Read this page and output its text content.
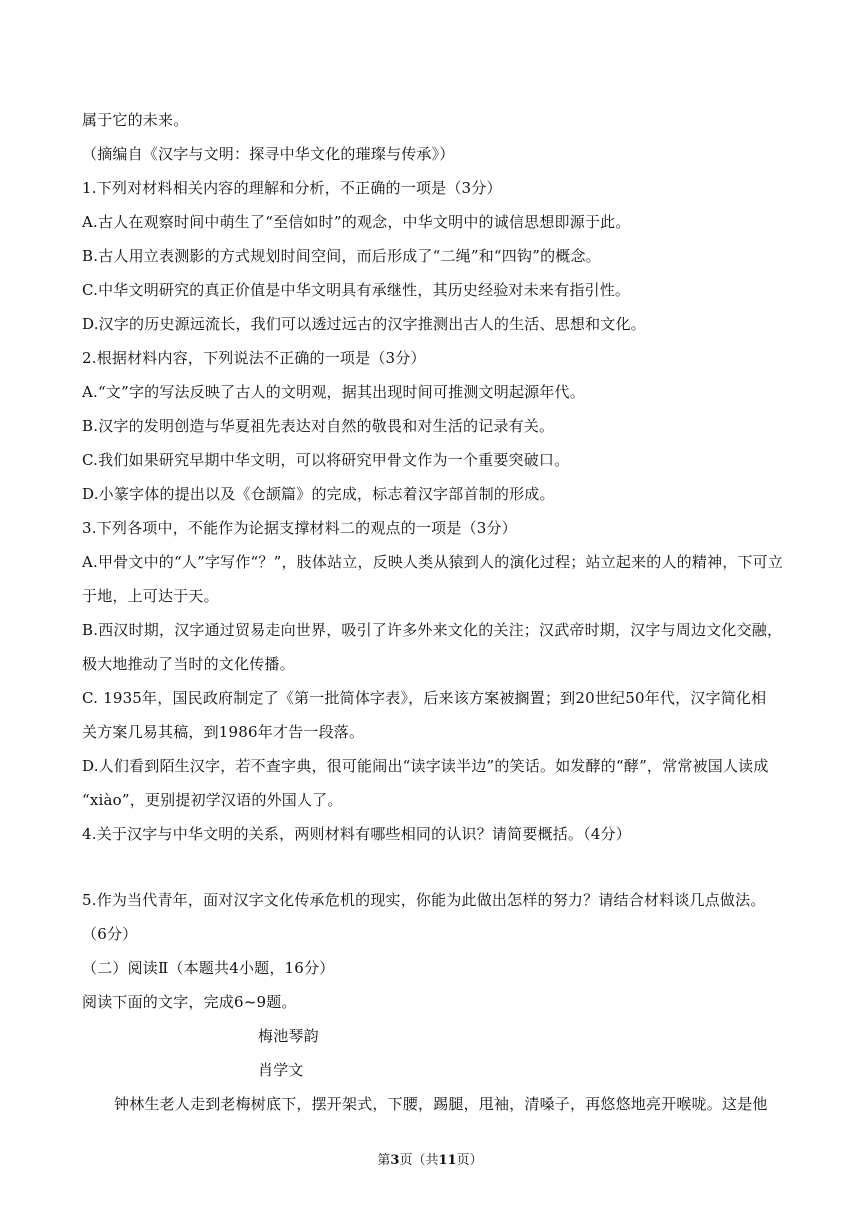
属于它的未来。
（摘编自《汉字与文明：探寻中华文化的璀璨与传承》）
1.下列对材料相关内容的理解和分析，不正确的一项是（3分）
A.古人在观察时间中萌生了“至信如时”的观念，中华文明中的诚信思想即源于此。
B.古人用立表测影的方式规划时间空间，而后形成了“二绳”和“四钩”的概念。
C.中华文明研究的真正价值是中华文明具有承继性，其历史经验对未来有指引性。
D.汉字的历史源远流长，我们可以透过远古的汉字推测出古人的生活、思想和文化。
2.根据材料内容，下列说法不正确的一项是（3分）
A.“文”字的写法反映了古人的文明观，据其出现时间可推测文明起源年代。
B.汉字的发明创造与华夏祖先表达对自然的敬畏和对生活的记录有关。
C.我们如果研究早期中华文明，可以将研究甲骨文作为一个重要突破口。
D.小篆字体的提出以及《仓颉篇》的完成，标志着汉字部首制的形成。
3.下列各项中，不能作为论据支撑材料二的观点的一项是（3分）
A.甲骨文中的“人”字写作“？”，肢体站立，反映人类从猿到人的演化过程；站立起来的人的精神，下可立
于地，上可达于天。
B.西汉时期，汉字通过贸易走向世界，吸引了许多外来文化的关注；汉武帝时期，汉字与周边文化交融，
极大地推动了当时的文化传播。
C. 1935年，国民政府制定了《第一批简体字表》，后来该方案被搁置；到20世纪50年代，汉字简化相
关方案几易其稿，到1986年才告一段落。
D.人们看到陌生汉字，若不查字典，很可能闹出“读字读半边”的笑话。如发酵的“酵”，常常被国人读成
“xiào”，更别提初学汉语的外国人了。
4.关于汉字与中华文明的关系，两则材料有哪些相同的认识？请简要概括。（4分）
5.作为当代青年，面对汉字文化传承危机的现实，你能为此做出怎样的努力？请结合材料谈几点做法。
（6分）
（二）阅读Ⅱ（本题共4小题，16分）
阅读下面的文字，完成6~9题。
梅池琴韵
肖学文
钟林生老人走到老梅树底下，摆开架式，下腰，踢腿，甩袖，清嗓子，再悠悠地亮开喉咙。这是他
第3页（共11页）
